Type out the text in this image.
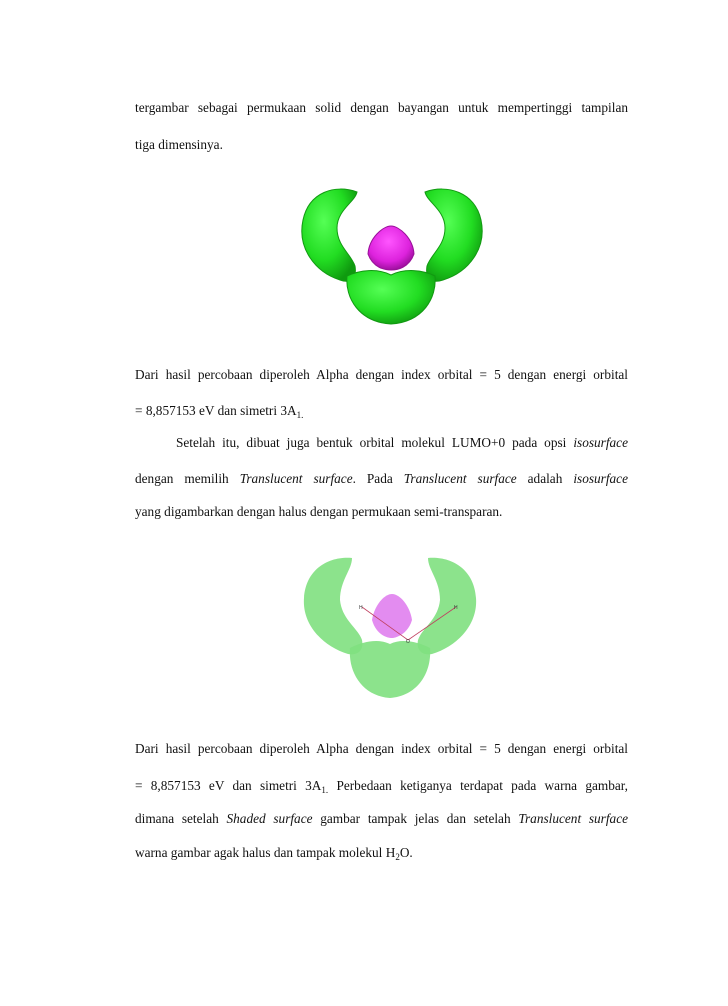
tergambar sebagai permukaan solid dengan bayangan untuk mempertinggi tampilan
tiga dimensinya.
Dari hasil percobaan diperoleh Alpha dengan index orbital = 5 dengan energi orbital
= 8,857153 eV dan simetri $3A_{1.}$
Setelah itu, dibuat juga bentuk orbital molekul LUMO+0 pada opsi isosurface
dengan memilih Translucent surface. Pada Translucent surface adalah isosurface
yang digambarkan dengan halus dengan permukaan semi-transparan.
H	H
O
Dari hasil percobaan diperoleh Alpha dengan index orbital = 5 dengan energi orbital
= 8,857153 eV dan simetri $3A_{1.}$ Perbedaan ketiganya terdapat pada warna gambar,
dimana setelah Shaded surface gambar tampak jelas dan setelah Translucent surface
warna gambar agak halus dan tampak molekul $H_2O$.
